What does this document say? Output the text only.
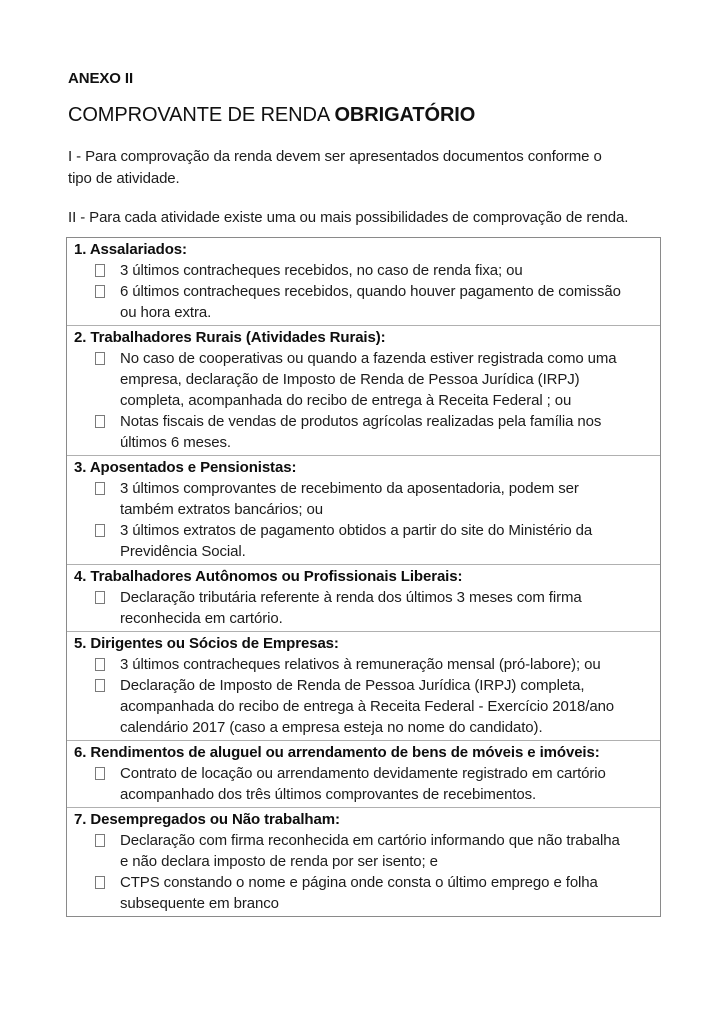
ANEXO II
COMPROVANTE DE RENDA OBRIGATÓRIO
I - Para comprovação da renda devem ser apresentados documentos conforme o
tipo de atividade.
II - Para cada atividade existe uma ou mais possibilidades de comprovação de renda.
1. Assalariados:
3 últimos contracheques recebidos, no caso de renda fixa; ou
6 últimos contracheques recebidos, quando houver pagamento de comissão
ou hora extra.
2. Trabalhadores Rurais (Atividades Rurais):
No caso de cooperativas ou quando a fazenda estiver registrada como uma
empresa, declaração de Imposto de Renda de Pessoa Jurídica (IRPJ)
completa, acompanhada do recibo de entrega à Receita Federal ; ou
Notas fiscais de vendas de produtos agrícolas realizadas pela família nos
últimos 6 meses.
3. Aposentados e Pensionistas:
3 últimos comprovantes de recebimento da aposentadoria, podem ser
também extratos bancários; ou
3 últimos extratos de pagamento obtidos a partir do site do Ministério da
Previdência Social.
4. Trabalhadores Autônomos ou Profissionais Liberais:
Declaração tributária referente à renda dos últimos 3 meses com firma
reconhecida em cartório.
5. Dirigentes ou Sócios de Empresas:
3 últimos contracheques relativos à remuneração mensal (pró-labore); ou
Declaração de Imposto de Renda de Pessoa Jurídica (IRPJ) completa,
acompanhada do recibo de entrega à Receita Federal - Exercício 2018/ano
calendário 2017 (caso a empresa esteja no nome do candidato).
6. Rendimentos de aluguel ou arrendamento de bens de móveis e imóveis:
Contrato de locação ou arrendamento devidamente registrado em cartório
acompanhado dos três últimos comprovantes de recebimentos.
7. Desempregados ou Não trabalham:
Declaração com firma reconhecida em cartório informando que não trabalha
e não declara imposto de renda por ser isento; e
CTPS constando o nome e página onde consta o último emprego e folha
subsequente em branco
